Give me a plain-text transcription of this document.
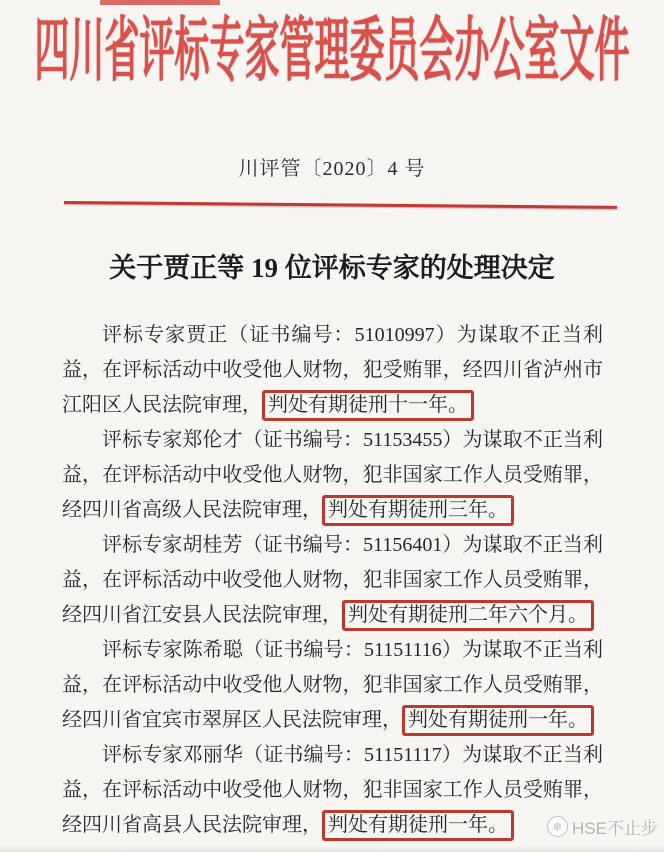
四川省评标专家管理委员会办公室文件
川评管〔2020〕4 号
关于贾正等 19 位评标专家的处理决定

评标专家贾正（证书编号：51010997）为谋取不正当利益，在评标活动中收受他人财物，犯受贿罪，经四川省泸州市江阳区人民法院审理， 判处有期徒刑十一年。

评标专家郑伦才（证书编号：51153455）为谋取不正当利益，在评标活动中收受他人财物，犯非国家工作人员受贿罪，经四川省高级人民法院审理， 判处有期徒刑三年。

评标专家胡桂芳（证书编号：51156401）为谋取不正当利益，在评标活动中收受他人财物，犯非国家工作人员受贿罪，经四川省江安县人民法院审理， 判处有期徒刑二年六个月。

评标专家陈希聪（证书编号：51151116）为谋取不正当利益，在评标活动中收受他人财物，犯非国家工作人员受贿罪，经四川省宜宾市翠屏区人民法院审理， 判处有期徒刑一年。

评标专家邓丽华（证书编号：51151117）为谋取不正当利益，在评标活动中收受他人财物，犯非国家工作人员受贿罪，经四川省高县人民法院审理， 判处有期徒刑一年。	❄ HSE不止步
